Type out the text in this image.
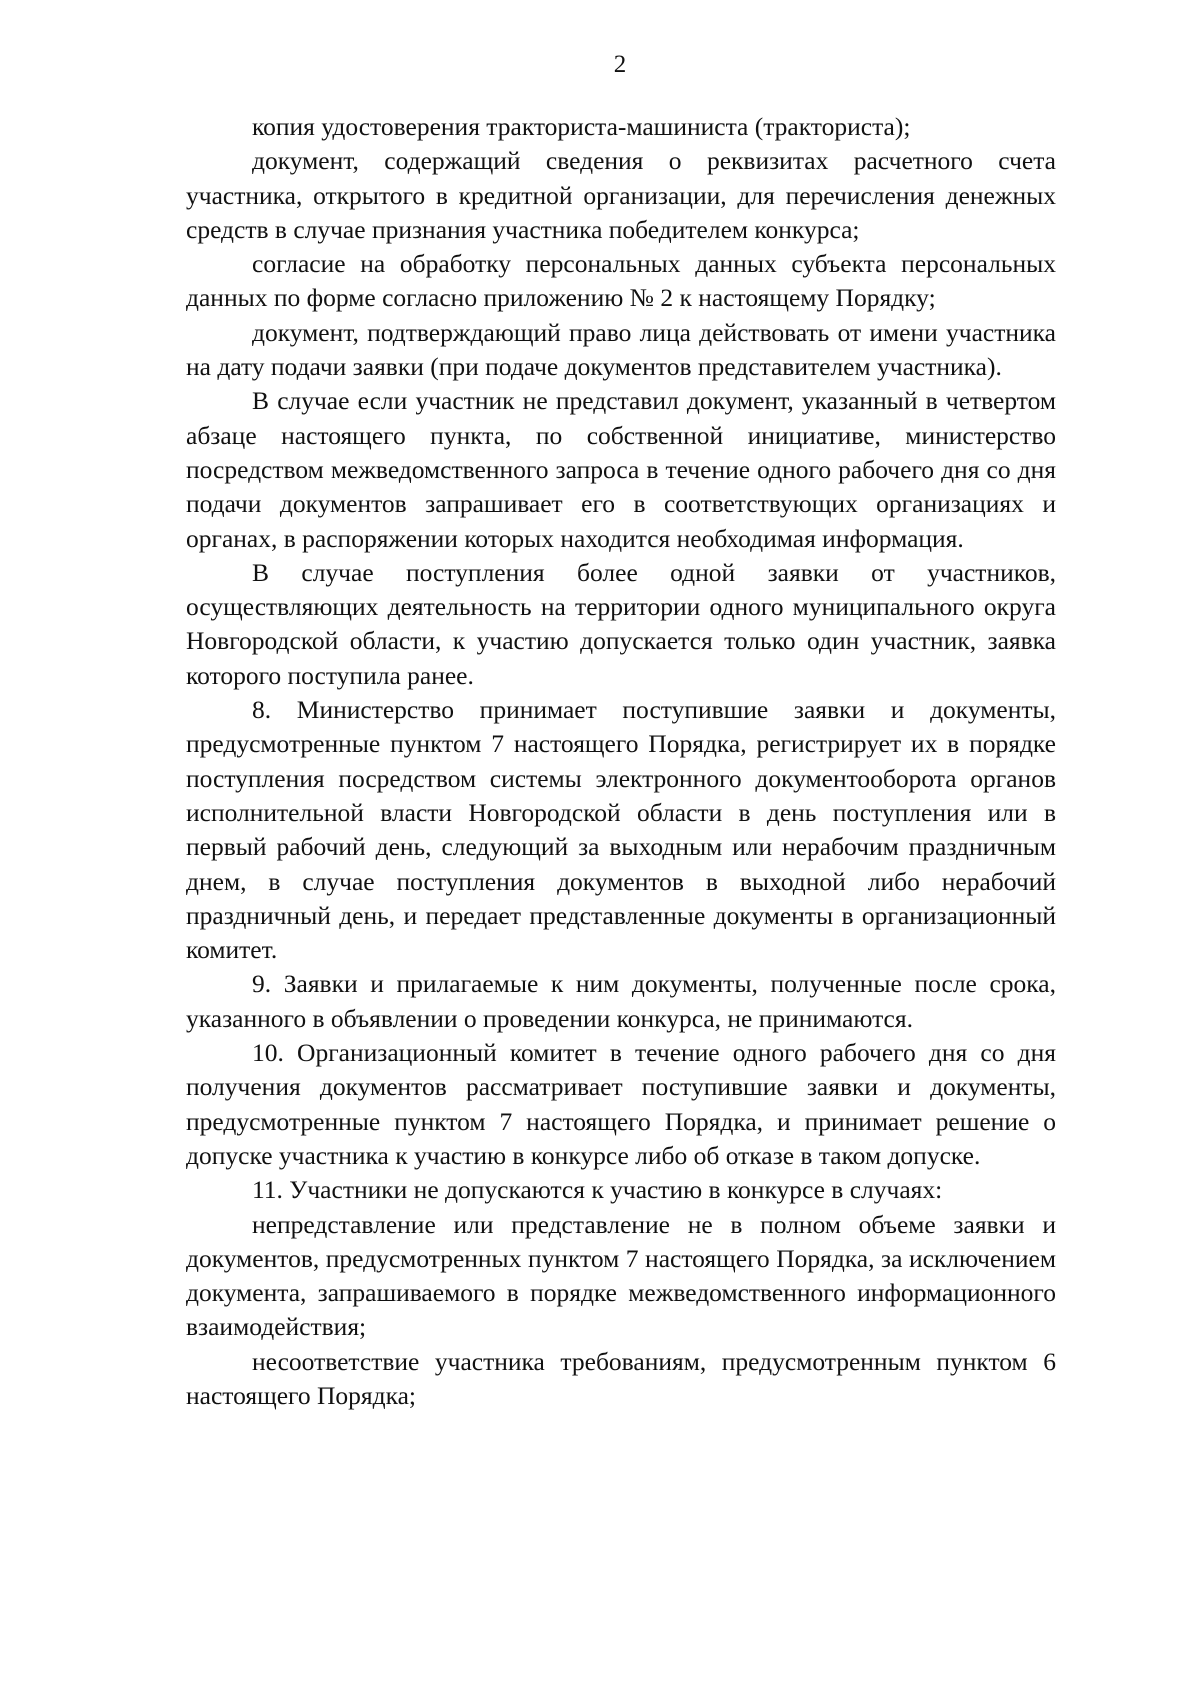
2

копия удостоверения тракториста-машиниста (тракториста);

документ, содержащий сведения о реквизитах расчетного счета участника, открытого в кредитной организации, для перечисления денежных средств в случае признания участника победителем конкурса;

согласие на обработку персональных данных субъекта персональных данных по форме согласно приложению № 2 к настоящему Порядку;

документ, подтверждающий право лица действовать от имени участника на дату подачи заявки (при подаче документов представителем участника).

В случае если участник не представил документ, указанный в четвертом абзаце настоящего пункта, по собственной инициативе, министерство посредством межведомственного запроса в течение одного рабочего дня со дня подачи документов запрашивает его в соответствующих организациях и органах, в распоряжении которых находится необходимая информация.

В случае поступления более одной заявки от участников, осуществляющих деятельность на территории одного муниципального округа Новгородской области, к участию допускается только один участник, заявка которого поступила ранее.

8. Министерство принимает поступившие заявки и документы, предусмотренные пунктом 7 настоящего Порядка, регистрирует их в порядке поступления посредством системы электронного документооборота органов исполнительной власти Новгородской области в день поступления или в первый рабочий день, следующий за выходным или нерабочим праздничным днем, в случае поступления документов в выходной либо нерабочий праздничный день, и передает представленные документы в организационный комитет.

9. Заявки и прилагаемые к ним документы, полученные после срока, указанного в объявлении о проведении конкурса, не принимаются.

10. Организационный комитет в течение одного рабочего дня со дня получения документов рассматривает поступившие заявки и документы, предусмотренные пунктом 7 настоящего Порядка, и принимает решение о допуске участника к участию в конкурсе либо об отказе в таком допуске.

11. Участники не допускаются к участию в конкурсе в случаях:

непредставление или представление не в полном объеме заявки и документов, предусмотренных пунктом 7 настоящего Порядка, за исключением документа, запрашиваемого в порядке межведомственного информационного взаимодействия;

несоответствие участника требованиям, предусмотренным пунктом 6 настоящего Порядка;
